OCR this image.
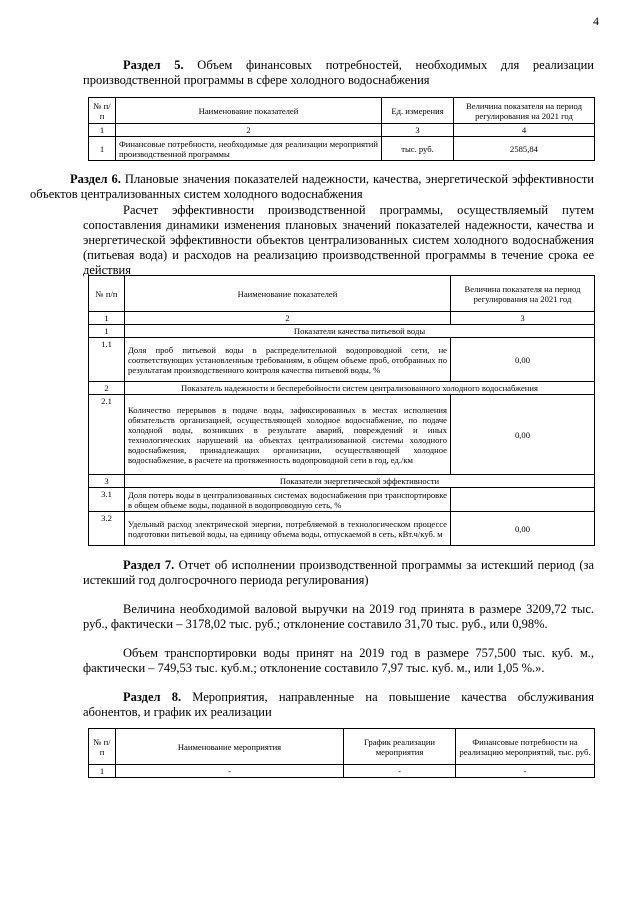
4
Раздел 5. Объем финансовых потребностей, необходимых для реализации производственной программы в сфере холодного водоснабжения
№ п/п	Наименование показателей	Ед. измерения	Величина показателя на период регулирования на 2021 год
1	2	3	4
1	Финансовые потребности, необходимые для реализации мероприятий производственной программы	тыс. руб.	2585,84
Раздел 6. Плановые значения показателей надежности, качества, энергетической эффективности объектов централизованных систем холодного водоснабжения
Расчет эффективности производственной программы, осуществляемый путем сопоставления динамики изменения плановых значений показателей надежности, качества и энергетической эффективности объектов централизованных систем холодного водоснабжения (питьевая вода) и расходов на реализацию производственной программы в течение срока ее действия
№ п/п	Наименование показателей	Величина показателя на период регулирования на 2021 год
1	2	3
1	Показатели качества питьевой воды	
1.1	Доля проб питьевой воды в распределительной водопроводной сети, не соответствующих установленным требованиям, в общем объеме проб, отобранных по результатам производственного контроля качества питьевой воды, %	0,00
2	Показатель надежности и бесперебойности систем централизованного холодного водоснабжения	
2.1	Количество перерывов в подаче воды, зафиксированных в местах исполнения обязательств организацией, осуществляющей холодное водоснабжение, по подаче холодной воды, возникших в результате аварий, повреждений и иных технологических нарушений на объектах централизованной системы холодного водоснабжения, принадлежащих организации, осуществляющей холодное водоснабжение, в расчете на протяженность водопроводной сети в год, ед./км	0,00
3	Показатели энергетической эффективности	
3.1	Доля потерь воды в централизованных системах водоснабжения при транспортировке в общем объеме воды, поданной в водопроводную сеть, %	
3.2	Удельный расход электрической энергии, потребляемой в технологическом процессе подготовки питьевой воды, на единицу объема воды, отпускаемой в сеть, кВт.ч/куб. м	0,00
Раздел 7. Отчет об исполнении производственной программы за истекший период (за истекший год долгосрочного периода регулирования)
Величина необходимой валовой выручки на 2019 год принята в размере 3209,72 тыс. руб., фактически – 3178,02 тыс. руб.; отклонение составило 31,70 тыс. руб., или 0,98%.
Объем транспортировки воды принят на 2019 год в размере 757,500 тыс. куб. м., фактически – 749,53 тыс. куб.м.; отклонение составило 7,97 тыс. куб. м., или 1,05 %.».
Раздел 8. Мероприятия, направленные на повышение качества обслуживания абонентов, и график их реализации
№ п/п	Наименование мероприятия	График реализации мероприятия	Финансовые потребности на реализацию мероприятий, тыс. руб.
1	-	-	-
